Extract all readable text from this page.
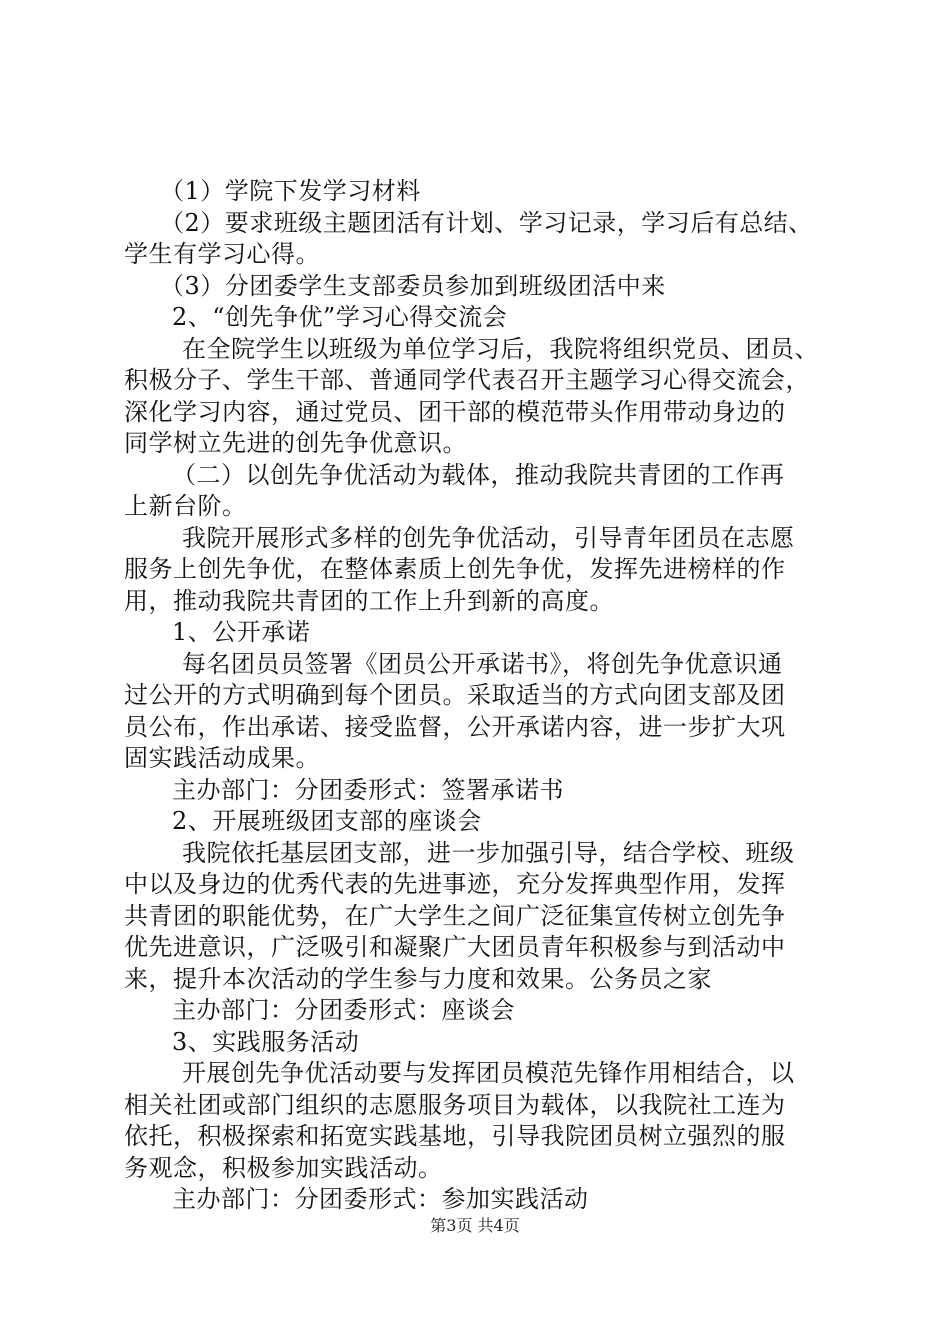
（1）学院下发学习材料
（2）要求班级主题团活有计划、学习记录，学习后有总结、
学生有学习心得。
（3）分团委学生支部委员参加到班级团活中来
2、“创先争优”学习心得交流会
在全院学生以班级为单位学习后，我院将组织党员、团员、
积极分子、学生干部、普通同学代表召开主题学习心得交流会，
深化学习内容，通过党员、团干部的模范带头作用带动身边的
同学树立先进的创先争优意识。
（二）以创先争优活动为载体，推动我院共青团的工作再
上新台阶。
我院开展形式多样的创先争优活动，引导青年团员在志愿
服务上创先争优，在整体素质上创先争优，发挥先进榜样的作
用，推动我院共青团的工作上升到新的高度。
1、公开承诺
每名团员员签署《团员公开承诺书》，将创先争优意识通
过公开的方式明确到每个团员。采取适当的方式向团支部及团
员公布，作出承诺、接受监督，公开承诺内容，进一步扩大巩
固实践活动成果。
主办部门：分团委形式：签署承诺书
2、开展班级团支部的座谈会
我院依托基层团支部，进一步加强引导，结合学校、班级
中以及身边的优秀代表的先进事迹，充分发挥典型作用，发挥
共青团的职能优势，在广大学生之间广泛征集宣传树立创先争
优先进意识，广泛吸引和凝聚广大团员青年积极参与到活动中
来，提升本次活动的学生参与力度和效果。公务员之家
主办部门：分团委形式：座谈会
3、实践服务活动
开展创先争优活动要与发挥团员模范先锋作用相结合，以
相关社团或部门组织的志愿服务项目为载体，以我院社工连为
依托，积极探索和拓宽实践基地，引导我院团员树立强烈的服
务观念，积极参加实践活动。
主办部门：分团委形式：参加实践活动
第3页 共4页
